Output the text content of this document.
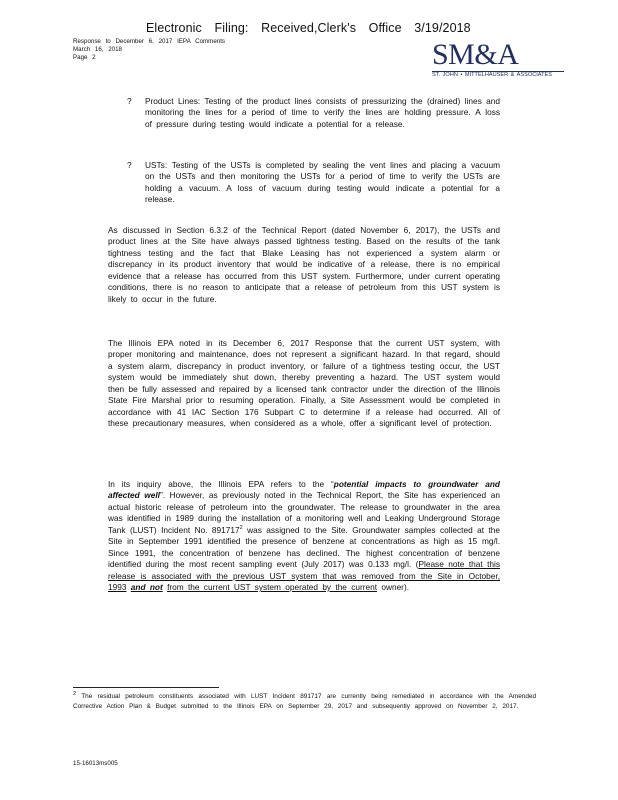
Electronic Filing: Received,Clerk's Office 3/19/2018
Response to December 6, 2017 IEPA Comments
March 16, 2018
Page 2	SM&A
ST. JOHN • MITTELHAUSER & ASSOCIATES
? Product Lines: Testing of the product lines consists of pressurizing the (drained) lines and monitoring the lines for a period of time to verify the lines are holding pressure. A loss of pressure during testing would indicate a potential for a release.
? USTs: Testing of the USTs is completed by sealing the vent lines and placing a vacuum on the USTs and then monitoring the USTs for a period of time to verify the USTs are holding a vacuum. A loss of vacuum during testing would indicate a potential for a release.
As discussed in Section 6.3.2 of the Technical Report (dated November 6, 2017), the USTs and product lines at the Site have always passed tightness testing. Based on the results of the tank tightness testing and the fact that Blake Leasing has not experienced a system alarm or discrepancy in its product inventory that would be indicative of a release, there is no empirical evidence that a release has occurred from this UST system. Furthermore, under current operating conditions, there is no reason to anticipate that a release of petroleum from this UST system is likely to occur in the future.
The Illinois EPA noted in its December 6, 2017 Response that the current UST system, with proper monitoring and maintenance, does not represent a significant hazard. In that regard, should a system alarm, discrepancy in product inventory, or failure of a tightness testing occur, the UST system would be immediately shut down, thereby preventing a hazard. The UST system would then be fully assessed and repaired by a licensed tank contractor under the direction of the Illinois State Fire Marshal prior to resuming operation. Finally, a Site Assessment would be completed in accordance with 41 IAC Section 176 Subpart C to determine if a release had occurred. All of these precautionary measures, when considered as a whole, offer a significant level of protection.
In its inquiry above, the Illinois EPA refers to the “potential impacts to groundwater and affected well”. However, as previously noted in the Technical Report, the Site has experienced an actual historic release of petroleum into the groundwater. The release to groundwater in the area was identified in 1989 during the installation of a monitoring well and Leaking Underground Storage Tank (LUST) Incident No. 891717$^2$ was assigned to the Site. Groundwater samples collected at the Site in September 1991 identified the presence of benzene at concentrations as high as 15 mg/l. Since 1991, the concentration of benzene has declined. The highest concentration of benzene identified during the most recent sampling event (July 2017) was 0.133 mg/l. (Please note that this release is associated with the previous UST system that was removed from the Site in October, 1993 and not from the current UST system operated by the current owner).
$^2$ The residual petroleum constituents associated with LUST Incident 891717 are currently being remediated in accordance with the Amended Corrective Action Plan & Budget submitted to the Illinois EPA on September 29, 2017 and subsequently approved on November 2, 2017.
15-16013ms005
